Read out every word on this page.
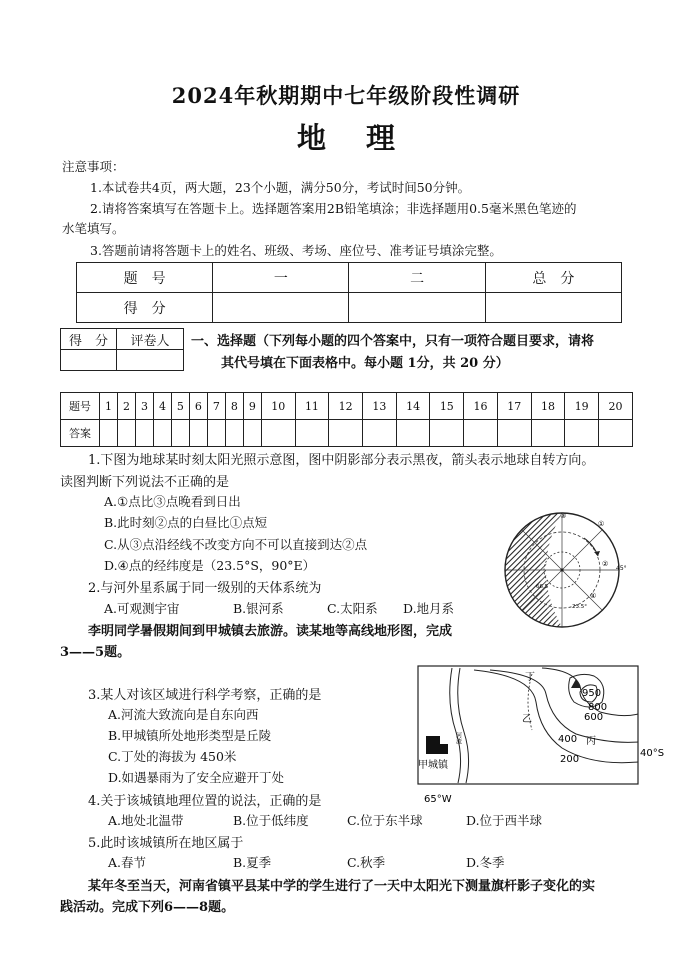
2024年秋期期中七年级阶段性调研
地理
注意事项：
1.本试卷共4页，两大题，23个小题，满分50分，考试时间50分钟。
2.请将答案填写在答题卡上。选择题答案用2B铅笔填涂；非选择题用0.5毫米黑色笔迹的
水笔填写。
3.答题前请将答题卡上的姓名、班级、考场、座位号、准考证号填涂完整。
题　号	一	二	总　分
得　分			
得　分	评卷人
	一、选择题（下列每小题的四个答案中，只有一项符合题目要求，请将
其代号填在下面表格中。每小题 1分，共 20 分）
题号	1	2	3	4	5	6	7	8	9	10	11	12	13	14	15	16	17	18	19	20
答案																				
1.下图为地球某时刻太阳光照示意图，图中阴影部分表示黑夜，箭头表示地球自转方向。
读图判断下列说法不正确的是
A.①点比③点晚看到日出
B.此时刻②点的白昼比①点短
C.从③点沿经线不改变方向不可以直接到达②点
D.④点的经纬度是（23.5°S，90°E）	45°
66.5
23.5°
①
②
③
④
2.与河外星系属于同一级别的天体系统为
A.可观测宇宙	B.银河系	C.太阳系 D.地月系
李明同学暑假期间到甲城镇去旅游。读某地等高线地形图，完成
3——5题。
950
800
600
400
200
丁
乙
丙
甲城镇
河流
40°S
65°W
3.某人对该区域进行科学考察，正确的是
A.河流大致流向是自东向西
B.甲城镇所处地形类型是丘陵
C.丁处的海拔为 450米
D.如遇暴雨为了安全应避开丁处
4.关于该城镇地理位置的说法，正确的是
A.地处北温带	B.位于低纬度	C.位于东半球	D.位于西半球
5.此时该城镇所在地区属于
A.春节	B.夏季	C.秋季	D.冬季
某年冬至当天，河南省镇平县某中学的学生进行了一天中太阳光下测量旗杆影子变化的实
践活动。完成下列6——8题。
